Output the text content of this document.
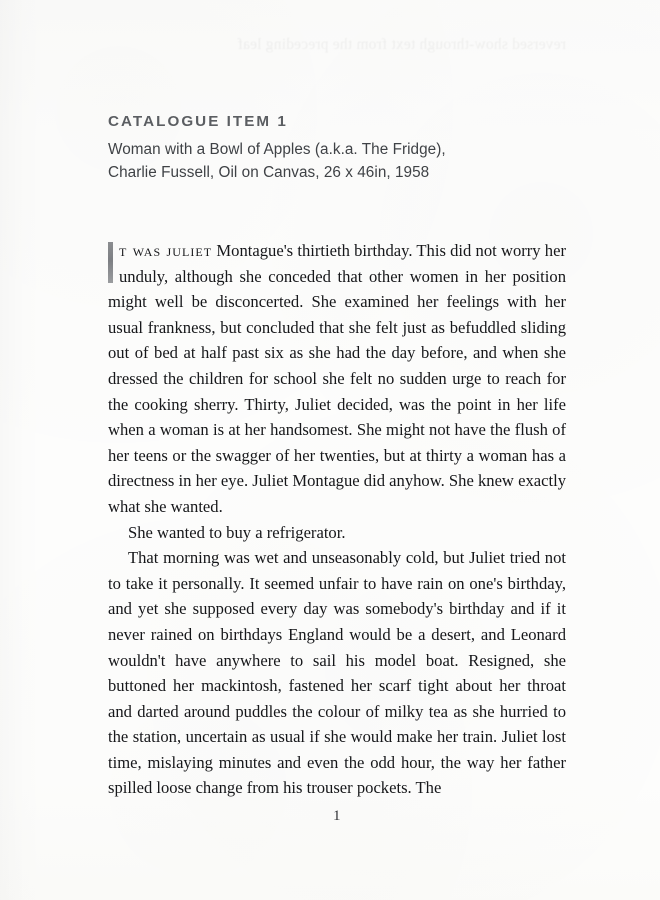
reversed show-through text from the preceding leaf
CATALOGUE ITEM 1
Woman with a Bowl of Apples (a.k.a. The Fridge),
Charlie Fussell, Oil on Canvas, 26 x 46in, 1958

t was juliet Montague's thirtieth birthday. This did not worry her unduly, although she conceded that other women in her position might well be disconcerted. She examined her feelings with her usual frankness, but concluded that she felt just as befuddled sliding out of bed at half past six as she had the day before, and when she dressed the children for school she felt no sudden urge to reach for the cooking sherry. Thirty, Juliet decided, was the point in her life when a woman is at her handsomest. She might not have the flush of her teens or the swagger of her twenties, but at thirty a woman has a directness in her eye. Juliet Montague did anyhow. She knew exactly what she wanted.

She wanted to buy a refrigerator.

That morning was wet and unseasonably cold, but Juliet tried not to take it personally. It seemed unfair to have rain on one's birthday, and yet she supposed every day was somebody's birthday and if it never rained on birthdays England would be a desert, and Leonard wouldn't have anywhere to sail his model boat. Resigned, she buttoned her mackintosh, fastened her scarf tight about her throat and darted around puddles the colour of milky tea as she hurried to the station, uncertain as usual if she would make her train. Juliet lost time, mislaying minutes and even the odd hour, the way her father spilled loose change from his trouser pockets. The

1
